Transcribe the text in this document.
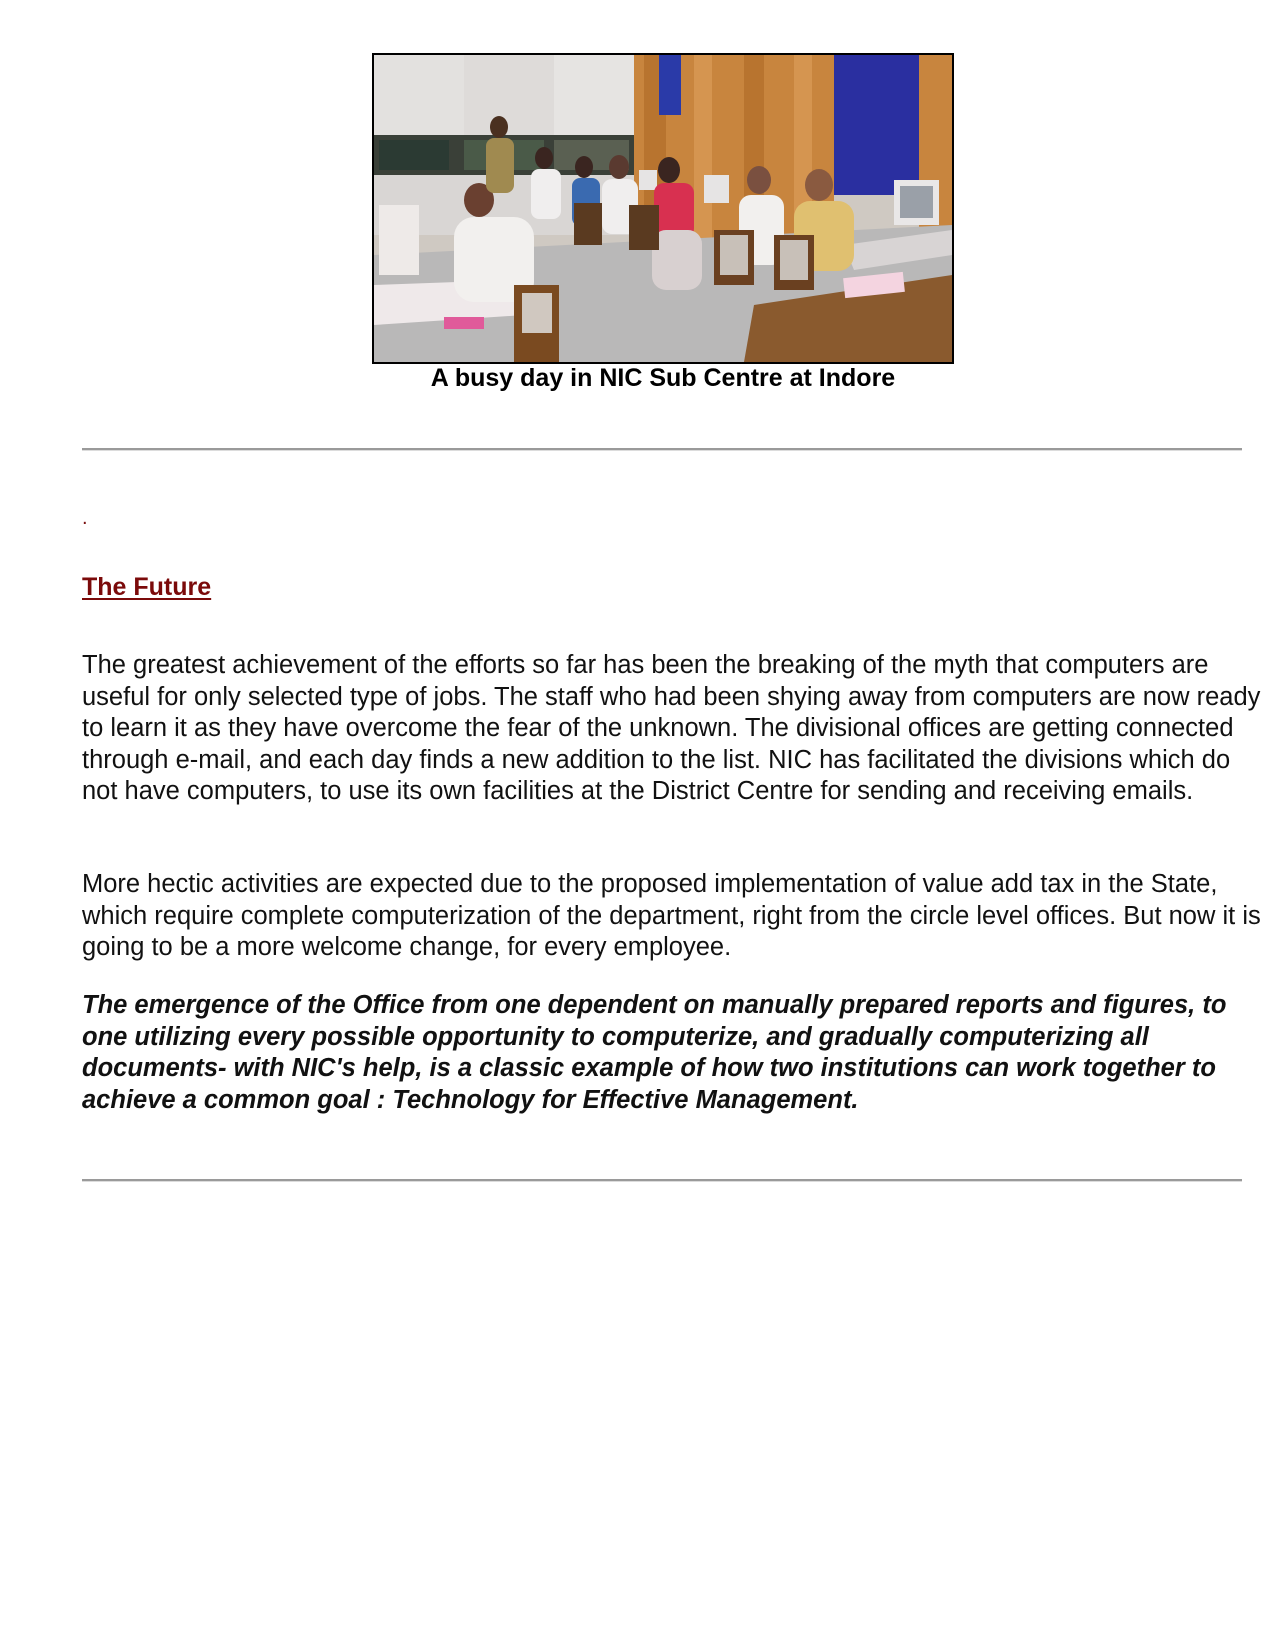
A busy day in NIC Sub Centre at Indore
.
The Future
The greatest achievement of the efforts so far has been the breaking of the myth that computers are useful for only selected type of jobs. The staff who had been shying away from computers are now ready to learn it as they have overcome the fear of the unknown. The divisional offices are getting connected through e-mail, and each day finds a new addition to the list. NIC has facilitated the divisions which do not have computers, to use its own facilities at the District Centre for sending and receiving emails.
More hectic activities are expected due to the proposed implementation of value add tax in the State, which require complete computerization of the department, right from the circle level offices. But now it is going to be a more welcome change, for every employee.
The emergence of the Office from one dependent on manually prepared reports and figures, to one utilizing every possible opportunity to computerize, and gradually computerizing all documents- with NIC's help, is a classic example of how two institutions can work together to achieve a common goal : Technology for Effective Management.
